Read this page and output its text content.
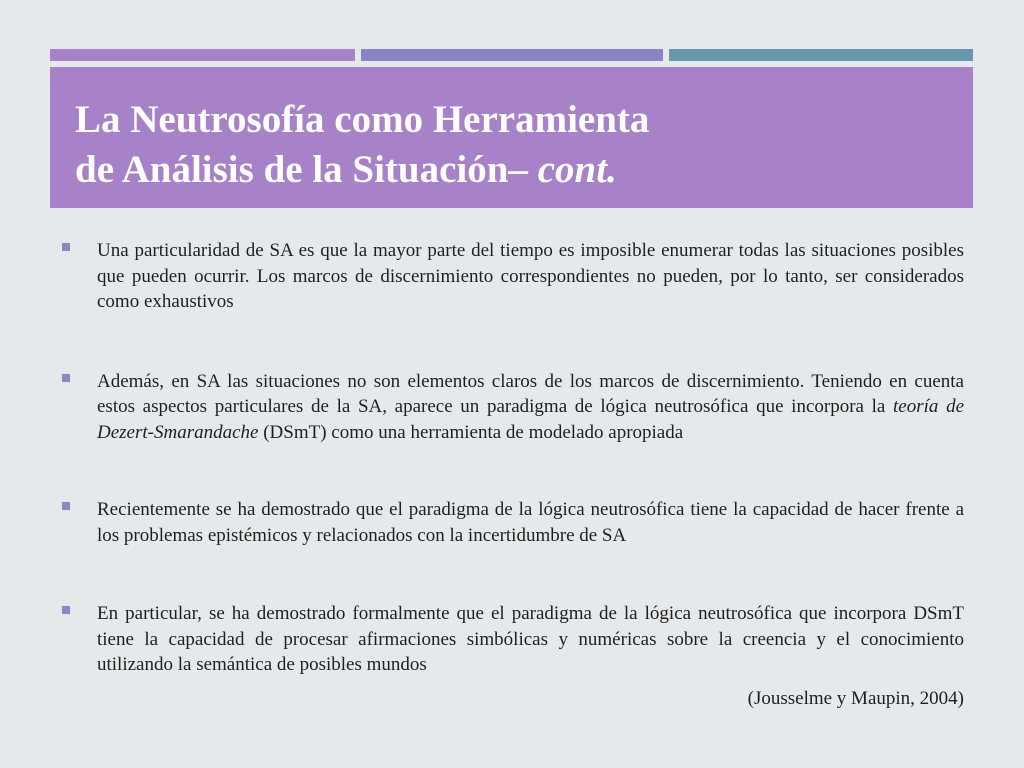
La Neutrosofía como Herramienta
de Análisis de la Situación– cont.
Una particularidad de SA es que la mayor parte del tiempo es imposible enumerar todas las situaciones posibles que pueden ocurrir. Los marcos de discernimiento correspondientes no pueden, por lo tanto, ser considerados como exhaustivos
Además, en SA las situaciones no son elementos claros de los marcos de discernimiento. Teniendo en cuenta estos aspectos particulares de la SA, aparece un paradigma de lógica neutrosófica que incorpora la teoría de Dezert-Smarandache (DSmT) como una herramienta de modelado apropiada
Recientemente se ha demostrado que el paradigma de la lógica neutrosófica tiene la capacidad de hacer frente a los problemas epistémicos y relacionados con la incertidumbre de SA
En particular, se ha demostrado formalmente que el paradigma de la lógica neutrosófica que incorpora DSmT tiene la capacidad de procesar afirmaciones simbólicas y numéricas sobre la creencia y el conocimiento utilizando la semántica de posibles mundos
(Jousselme y Maupin, 2004)
